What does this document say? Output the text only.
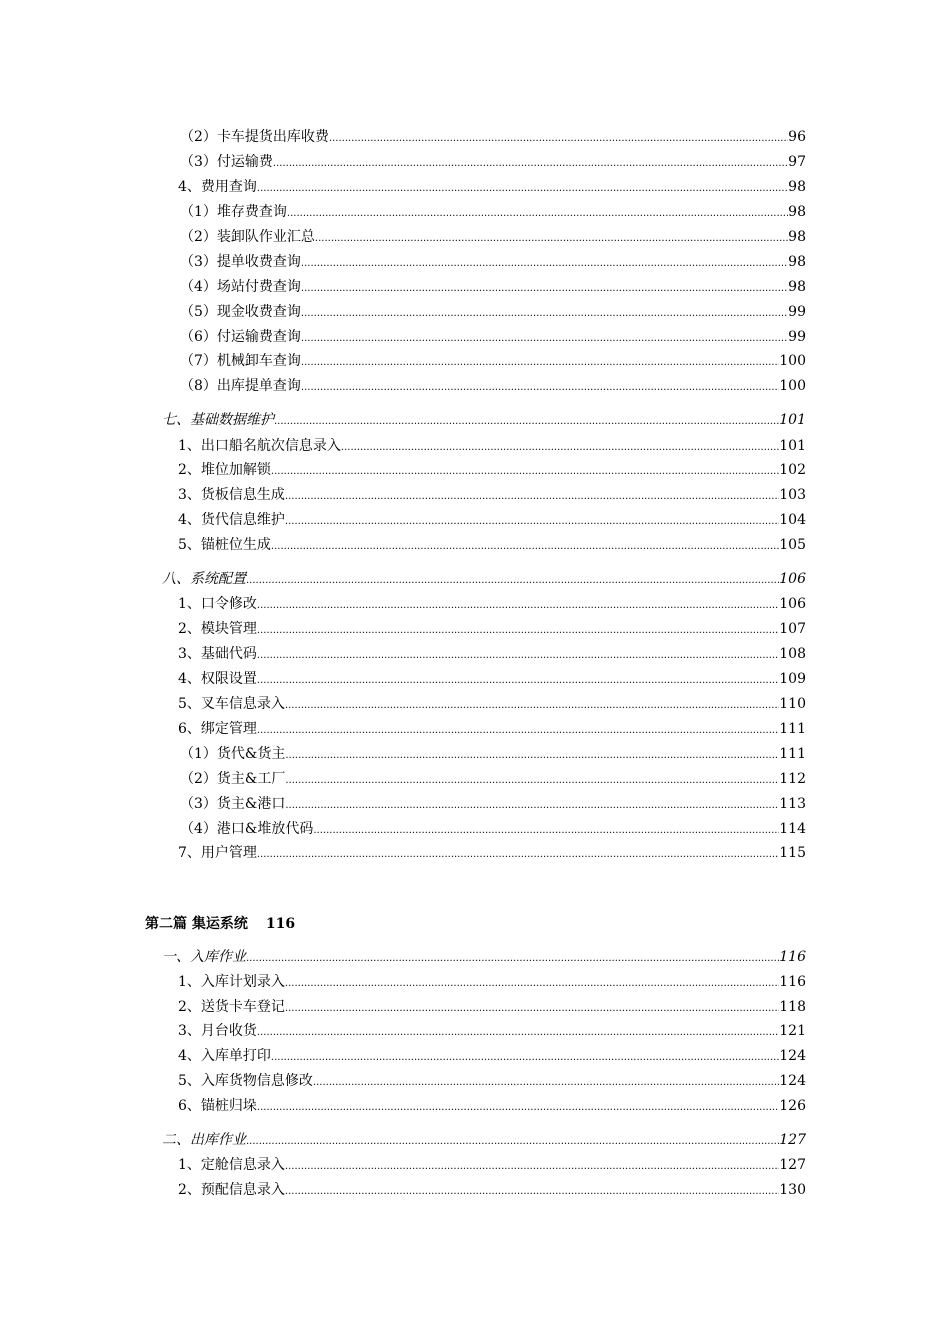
（2）卡车提货出库收费 .....	96
（3）付运输费 .....	97
4、费用查询 .....	98
（1）堆存费查询 .....	98
（2）装卸队作业汇总 .....	98
（3）提单收费查询 .....	98
（4）场站付费查询 .....	98
（5）现金收费查询 .....	99
（6）付运输费查询 .....	99
（7）机械卸车查询 .....	100
（8）出库提单查询 .....	100
七、基础数据维护 .....	101
1、出口船名航次信息录入 .....	101
2、堆位加解锁 .....	102
3、货板信息生成 .....	103
4、货代信息维护 .....	104
5、锚桩位生成 .....	105
八、系统配置 .....	106
1、口令修改 .....	106
2、模块管理 .....	107
3、基础代码 .....	108
4、权限设置 .....	109
5、叉车信息录入 .....	110
6、绑定管理 .....	111
（1）货代&货主 .....	111
（2）货主&工厂 .....	112
（3）货主&港口 .....	113
（4）港口&堆放代码 .....	114
7、用户管理 .....	115
第二篇 集运系统 116
一、入库作业 .....	116
1、入库计划录入 .....	116
2、送货卡车登记 .....	118
3、月台收货 .....	121
4、入库单打印 .....	124
5、入库货物信息修改 .....	124
6、锚桩归垛 .....	126
二、出库作业 .....	127
1、定舱信息录入 .....	127
2、预配信息录入 .....	130
